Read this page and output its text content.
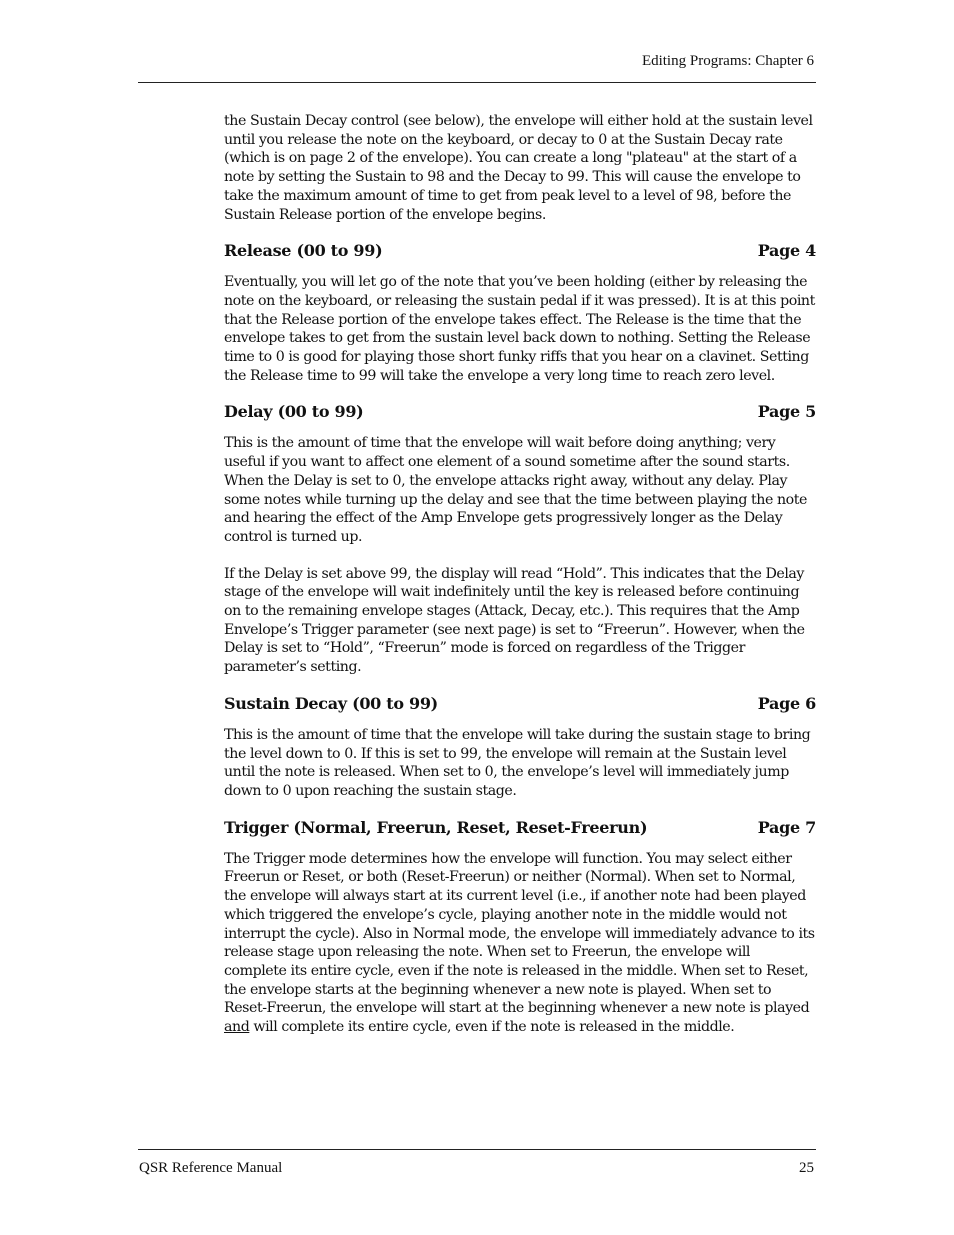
Editing Programs: Chapter 6

the Sustain Decay control (see below), the envelope will either hold at the sustain level until you release the note on the keyboard, or decay to 0 at the Sustain Decay rate (which is on page 2 of the envelope). You can create a long "plateau" at the start of a note by setting the Sustain to 98 and the Decay to 99. This will cause the envelope to take the maximum amount of time to get from peak level to a level of 98, before the Sustain Release portion of the envelope begins.

Release (00 to 99)	Page 4

Eventually, you will let go of the note that you’ve been holding (either by releasing the note on the keyboard, or releasing the sustain pedal if it was pressed). It is at this point that the Release portion of the envelope takes effect. The Release is the time that the envelope takes to get from the sustain level back down to nothing. Setting the Release time to 0 is good for playing those short funky riffs that you hear on a clavinet. Setting the Release time to 99 will take the envelope a very long time to reach zero level.

Delay (00 to 99)	Page 5

This is the amount of time that the envelope will wait before doing anything; very useful if you want to affect one element of a sound sometime after the sound starts. When the Delay is set to 0, the envelope attacks right away, without any delay. Play some notes while turning up the delay and see that the time between playing the note and hearing the effect of the Amp Envelope gets progressively longer as the Delay control is turned up.

If the Delay is set above 99, the display will read “Hold”. This indicates that the Delay stage of the envelope will wait indefinitely until the key is released before continuing on to the remaining envelope stages (Attack, Decay, etc.). This requires that the Amp Envelope’s Trigger parameter (see next page) is set to “Freerun”. However, when the Delay is set to “Hold”, “Freerun” mode is forced on regardless of the Trigger parameter’s setting.

Sustain Decay (00 to 99)	Page 6

This is the amount of time that the envelope will take during the sustain stage to bring the level down to 0. If this is set to 99, the envelope will remain at the Sustain level until the note is released. When set to 0, the envelope’s level will immediately jump down to 0 upon reaching the sustain stage.

Trigger (Normal, Freerun, Reset, Reset-Freerun)	Page 7

The Trigger mode determines how the envelope will function. You may select either Freerun or Reset, or both (Reset-Freerun) or neither (Normal). When set to Normal, the envelope will always start at its current level (i.e., if another note had been played which triggered the envelope’s cycle, playing another note in the middle would not interrupt the cycle). Also in Normal mode, the envelope will immediately advance to its release stage upon releasing the note. When set to Freerun, the envelope will complete its entire cycle, even if the note is released in the middle. When set to Reset, the envelope starts at the beginning whenever a new note is played. When set to Reset-Freerun, the envelope will start at the beginning whenever a new note is played and will complete its entire cycle, even if the note is released in the middle.

QSR Reference Manual	25
